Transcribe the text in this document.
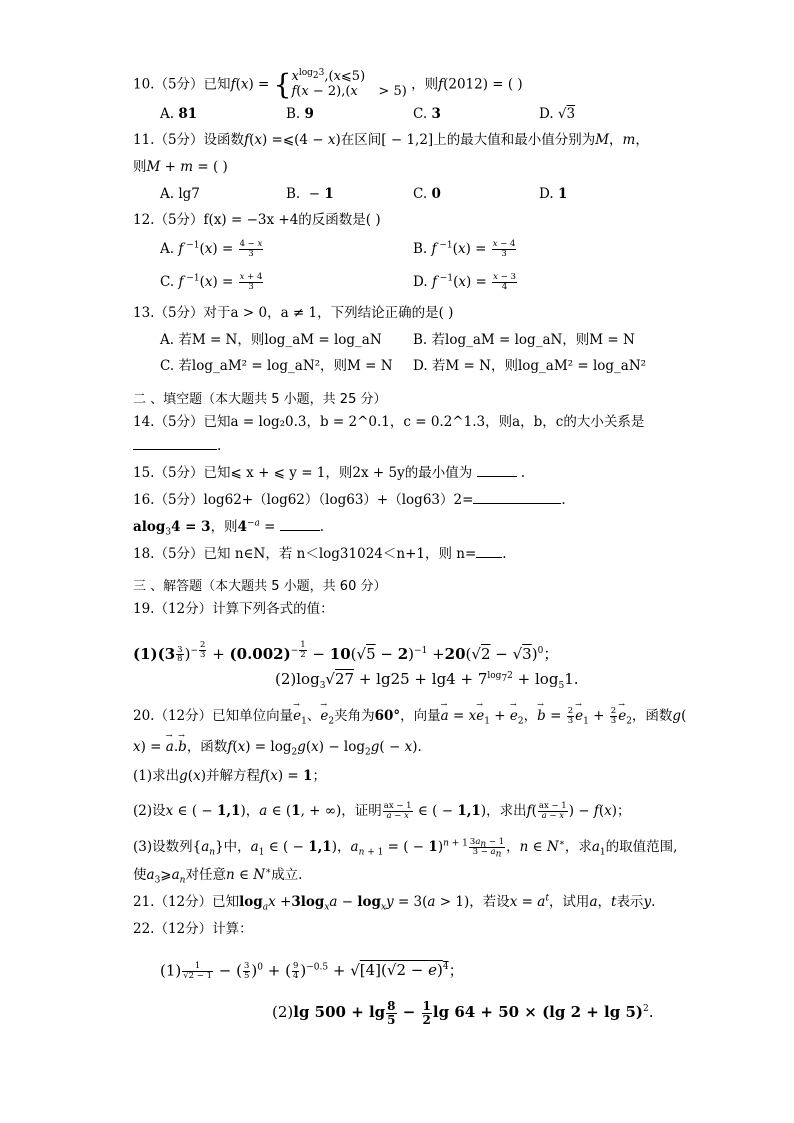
10.（5分）已知f(x) = { $x^{log_23},(x⩽5)$
f(x − 2),(x     > 5) ，则f(2012) = ( )
A. 81	B. 9	C. 3	D. √3
11.（5分）设函数f(x) =⩽(4 − x)在区间[ − 1,2]上的最大值和最小值分别为M，m，
则M + m = ( )
A. lg7	B.  − 1	C. 0	D. 1
12.（5分）f(x) = −3x +4的反函数是( )
A. f $^{-1}(x) = \frac{4 - x}{3}$	B. f $^{-1}(x) = \frac{x - 4}{3}$
C. f $^{-1}(x) = \frac{x + 4}{3}$	D. f $^{-1}(x) = \frac{x - 3}{4}$
13.（5分）对于a > 0，a ≠ 1，下列结论正确的是( )
A. 若M = N，则log_aM = log_aN B. 若log_aM = log_aN，则M = N
C. 若log_aM² = log_aN²，则M = N D. 若M = N，则log_aM² = log_aN²
二 、填空题（本大题共 5 小题，共 25 分）
14.（5分）已知a = log₂0.3，b = 2^0.1，c = 0.2^1.3，则a，b，c的大小关系是
.
15.（5分）已知⩽ x + ⩽ y = 1，则2x + 5y的最小值为	.
16.（5分）log62+（log62）（log63）+（log63）2=	.
alog$_3$4 = 3，则$4^{-a}$ =	.
18.（5分）已知 n∈N，若 n＜log31024＜n+1，则 n= .
三 、解答题（本大题共 5 小题，共 60 分）
19.（12分）计算下列各式的值：
$(1)(3 \frac{3}{8} )^{- \frac{2}{3}} + (0.002)^{- \frac{1}{2}} - 10(√5 - 2)^{-1} +20(√2 - √3)^0$；
$(2)\log_3√27 + \lg 25 + \lg 4 + 7^{log_72} + \log_51$.
20.（12分）已知单位向量→ $e_1$、→ $e_2$夹角为60°，向量→ $a = x\to e_1$ + → $e_2$，→ $b = \frac{2}{3} \to e_1 + \frac{2}{3} \to e_2$，函数g(
x) = → a.→ b，函数$f(x) = \log_2g(x) - \log_2g( - x)$.
(1)求出g(x)并解方程f(x) = 1；
(2)设x ∈ ( − 1,1)，a ∈ (1, + ∞)，证明 $\frac{ax - 1}{a - x}$ ∈ ( − 1,1)，求出$f( \frac{ax - 1}{a - x}$ ) − f(x)；
(3)设数列$\{a_n\}$中，$a_1$ ∈ ( − 1,1)，$a_{n + 1}$ = ( − $1)^{n + 1} \frac{3a_n - 1}{3 - a_n}$ ，n ∈ N∗，求$a_1$的取值范围,
使$a_3⩾a_n$对任意n ∈ N∗成立.
21.（12分）已知$\log_ax +3\log_xa - \log_xy = 3(a > 1)$，若设$x = a^t$，试用a，t表示y.
22.（12分）计算：
$(1) \frac{1}{√2 - 1}$ − ( $\frac{3}{5} )^0$ + ( $\frac{9}{4} )^{-0.5} + √[4](√2 - e)^4$；
(2)lg $500 + \lg \frac{8}{5} - \frac{1}{2}$ lg 64 + 50 × (lg 2 + lg 5)$^2$.
